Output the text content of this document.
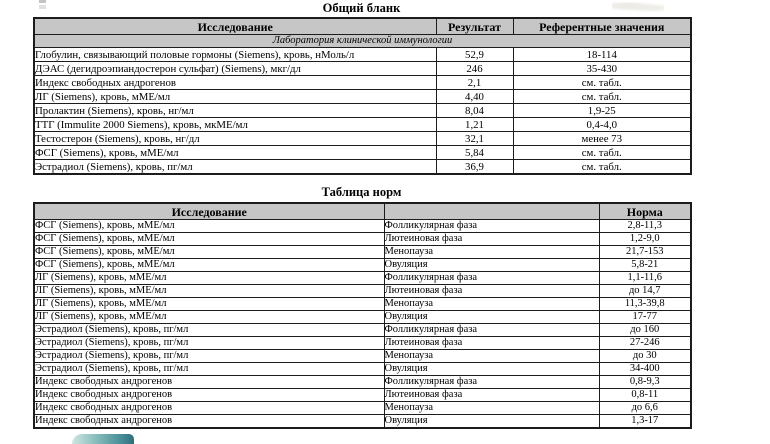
Общий бланк
Исследование	Результат	Референтные значения
Лаборатория клинической иммунологии		
Глобулин, связывающий половые гормоны (Siemens), кровь, нМоль/л	52,9	18-114
ДЭАС (дегидроэпиандостерон сульфат) (Siemens), мкг/дл	246	35-430
Индекс свободных андрогенов	2,1	см. табл.
ЛГ (Siemens), кровь, мМЕ/мл	4,40	см. табл.
Пролактин (Siemens), кровь, нг/мл	8,04	1,9-25
ТТГ (Immulite 2000 Siemens), кровь, мкМЕ/мл	1,21	0,4-4,0
Тестостерон (Siemens), кровь, нг/дл	32,1	менее 73
ФСГ (Siemens), кровь, мМЕ/мл	5,84	см. табл.
Эстрадиол (Siemens), кровь, пг/мл	36,9	см. табл.
Таблица норм
Исследование		Норма
ФСГ (Siemens), кровь, мМЕ/мл	Фолликулярная фаза	2,8-11,3
ФСГ (Siemens), кровь, мМЕ/мл	Лютеиновая фаза	1,2-9,0
ФСГ (Siemens), кровь, мМЕ/мл	Менопауза	21,7-153
ФСГ (Siemens), кровь, мМЕ/мл	Овуляция	5,8-21
ЛГ (Siemens), кровь, мМЕ/мл	Фолликулярная фаза	1,1-11,6
ЛГ (Siemens), кровь, мМЕ/мл	Лютеиновая фаза	до 14,7
ЛГ (Siemens), кровь, мМЕ/мл	Менопауза	11,3-39,8
ЛГ (Siemens), кровь, мМЕ/мл	Овуляция	17-77
Эстрадиол (Siemens), кровь, пг/мл	Фолликулярная фаза	до 160
Эстрадиол (Siemens), кровь, пг/мл	Лютеиновая фаза	27-246
Эстрадиол (Siemens), кровь, пг/мл	Менопауза	до 30
Эстрадиол (Siemens), кровь, пг/мл	Овуляция	34-400
Индекс свободных андрогенов	Фолликулярная фаза	0,8-9,3
Индекс свободных андрогенов	Лютеиновая фаза	0,8-11
Индекс свободных андрогенов	Менопауза	до 6,6
Индекс свободных андрогенов	Овуляция	1,3-17
